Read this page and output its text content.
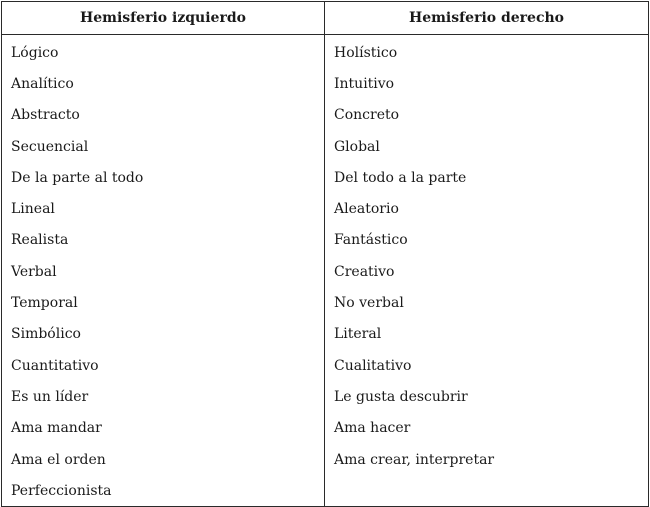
Hemisferio izquierdo	Hemisferio derecho
Lógico	Holístico
Analítico	Intuitivo
Abstracto	Concreto
Secuencial	Global
De la parte al todo	Del todo a la parte
Lineal	Aleatorio
Realista	Fantástico
Verbal	Creativo
Temporal	No verbal
Simbólico	Literal
Cuantitativo	Cualitativo
Es un líder	Le gusta descubrir
Ama mandar	Ama hacer
Ama el orden	Ama crear, interpretar
Perfeccionista	
